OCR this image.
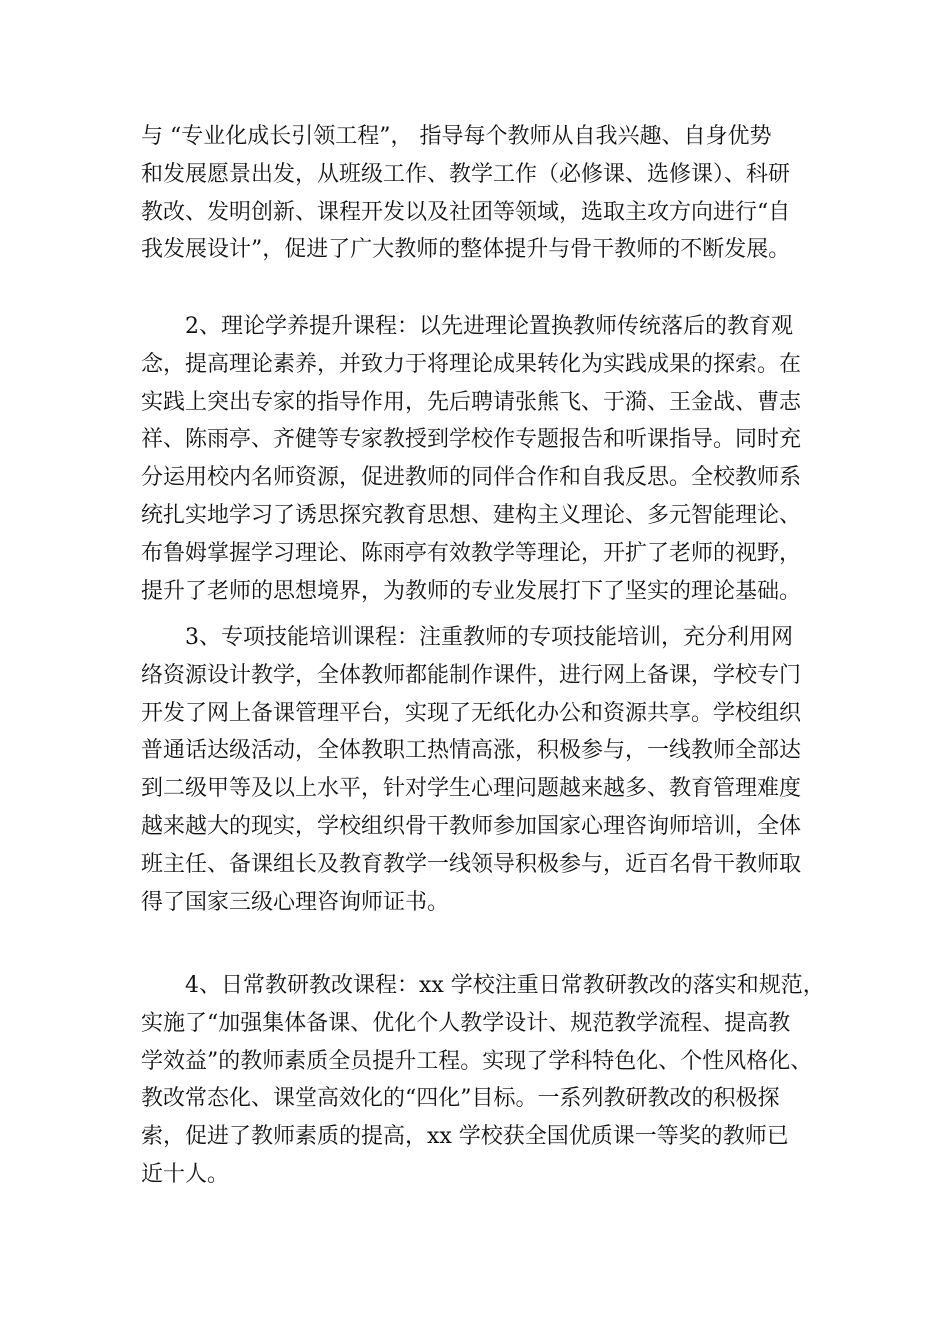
与 “专业化成长引领工程”， 指导每个教师从自我兴趣、自身优势
和发展愿景出发，从班级工作、教学工作（必修课、选修课）、科研
教改、发明创新、课程开发以及社团等领域，选取主攻方向进行“自
我发展设计”，促进了广大教师的整体提升与骨干教师的不断发展。
　　2、理论学养提升课程：以先进理论置换教师传统落后的教育观
念，提高理论素养，并致力于将理论成果转化为实践成果的探索。在
实践上突出专家的指导作用，先后聘请张熊飞、于漪、王金战、曹志
祥、陈雨亭、齐健等专家教授到学校作专题报告和听课指导。同时充
分运用校内名师资源，促进教师的同伴合作和自我反思。全校教师系
统扎实地学习了诱思探究教育思想、建构主义理论、多元智能理论、
布鲁姆掌握学习理论、陈雨亭有效教学等理论，开扩了老师的视野，
提升了老师的思想境界，为教师的专业发展打下了坚实的理论基础。
　　3、专项技能培训课程：注重教师的专项技能培训，充分利用网
络资源设计教学，全体教师都能制作课件，进行网上备课，学校专门
开发了网上备课管理平台，实现了无纸化办公和资源共享。学校组织
普通话达级活动，全体教职工热情高涨，积极参与，一线教师全部达
到二级甲等及以上水平，针对学生心理问题越来越多、教育管理难度
越来越大的现实，学校组织骨干教师参加国家心理咨询师培训，全体
班主任、备课组长及教育教学一线领导积极参与，近百名骨干教师取
得了国家三级心理咨询师证书。
　　4、日常教研教改课程：xx 学校注重日常教研教改的落实和规范，
实施了“加强集体备课、优化个人教学设计、规范教学流程、提高教
学效益”的教师素质全员提升工程。实现了学科特色化、个性风格化、
教改常态化、课堂高效化的“四化”目标。一系列教研教改的积极探
索，促进了教师素质的提高，xx 学校获全国优质课一等奖的教师已
近十人。
